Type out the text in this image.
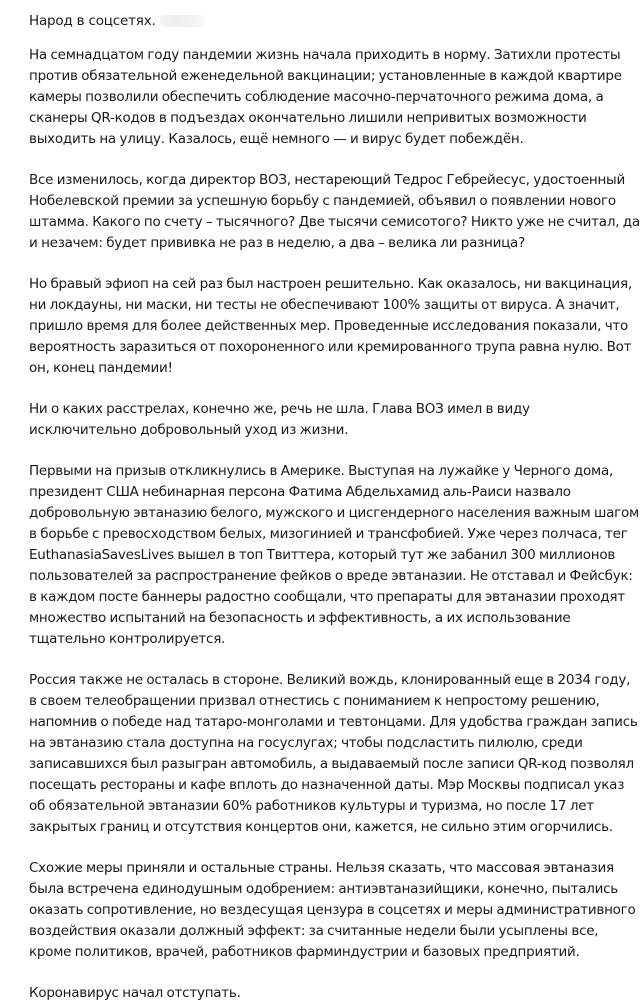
Народ в соцсетях.

На семнадцатом году пандемии жизнь начала приходить в норму. Затихли протесты
против обязательной еженедельной вакцинации; установленные в каждой квартире
камеры позволили обеспечить соблюдение масочно-перчаточного режима дома, а
сканеры QR-кодов в подъездах окончательно лишили непривитых возможности
выходить на улицу. Казалось, ещё немного — и вирус будет побеждён.

Все изменилось, когда директор ВОЗ, нестареющий Тедрос Гебрейесус, удостоенный
Нобелевской премии за успешную борьбу с пандемией, объявил о появлении нового
штамма. Какого по счету – тысячного? Две тысячи семисотого? Никто уже не считал, да
и незачем: будет прививка не раз в неделю, а два – велика ли разница?

Но бравый эфиоп на сей раз был настроен решительно. Как оказалось, ни вакцинация,
ни локдауны, ни маски, ни тесты не обеспечивают 100% защиты от вируса. А значит,
пришло время для более действенных мер. Проведенные исследования показали, что
вероятность заразиться от похороненного или кремированного трупа равна нулю. Вот
он, конец пандемии!

Ни о каких расстрелах, конечно же, речь не шла. Глава ВОЗ имел в виду
исключительно добровольный уход из жизни.

Первыми на призыв откликнулись в Америке. Выступая на лужайке у Черного дома,
президент США небинарная персона Фатима Абдельхамид аль-Раиси назвало
добровольную эвтаназию белого, мужского и цисгендерного населения важным шагом
в борьбе с превосходством белых, мизогинией и трансфобией. Уже через полчаса, тег
EuthanasiaSavesLives вышел в топ Твиттера, который тут же забанил 300 миллионов
пользователей за распространение фейков о вреде эвтаназии. Не отставал и Фейсбук:
в каждом посте баннеры радостно сообщали, что препараты для эвтаназии проходят
множество испытаний на безопасность и эффективность, а их использование
тщательно контролируется.

Россия также не осталась в стороне. Великий вождь, клонированный еще в 2034 году,
в своем телеобращении призвал отнестись с пониманием к непростому решению,
напомнив о победе над татаро-монголами и тевтонцами. Для удобства граждан запись
на эвтаназию стала доступна на госуслугах; чтобы подсластить пилюлю, среди
записавшихся был разыгран автомобиль, а выдаваемый после записи QR-код позволял
посещать рестораны и кафе вплоть до назначенной даты. Мэр Москвы подписал указ
об обязательной эвтаназии 60% работников культуры и туризма, но после 17 лет
закрытых границ и отсутствия концертов они, кажется, не сильно этим огорчились.

Схожие меры приняли и остальные страны. Нельзя сказать, что массовая эвтаназия
была встречена единодушным одобрением: антиэвтаназийщики, конечно, пытались
оказать сопротивление, но вездесущая цензура в соцсетях и меры административного
воздействия оказали должный эффект: за считанные недели были усыплены все,
кроме политиков, врачей, работников фарминдустрии и базовых предприятий.

Коронавирус начал отступать.
